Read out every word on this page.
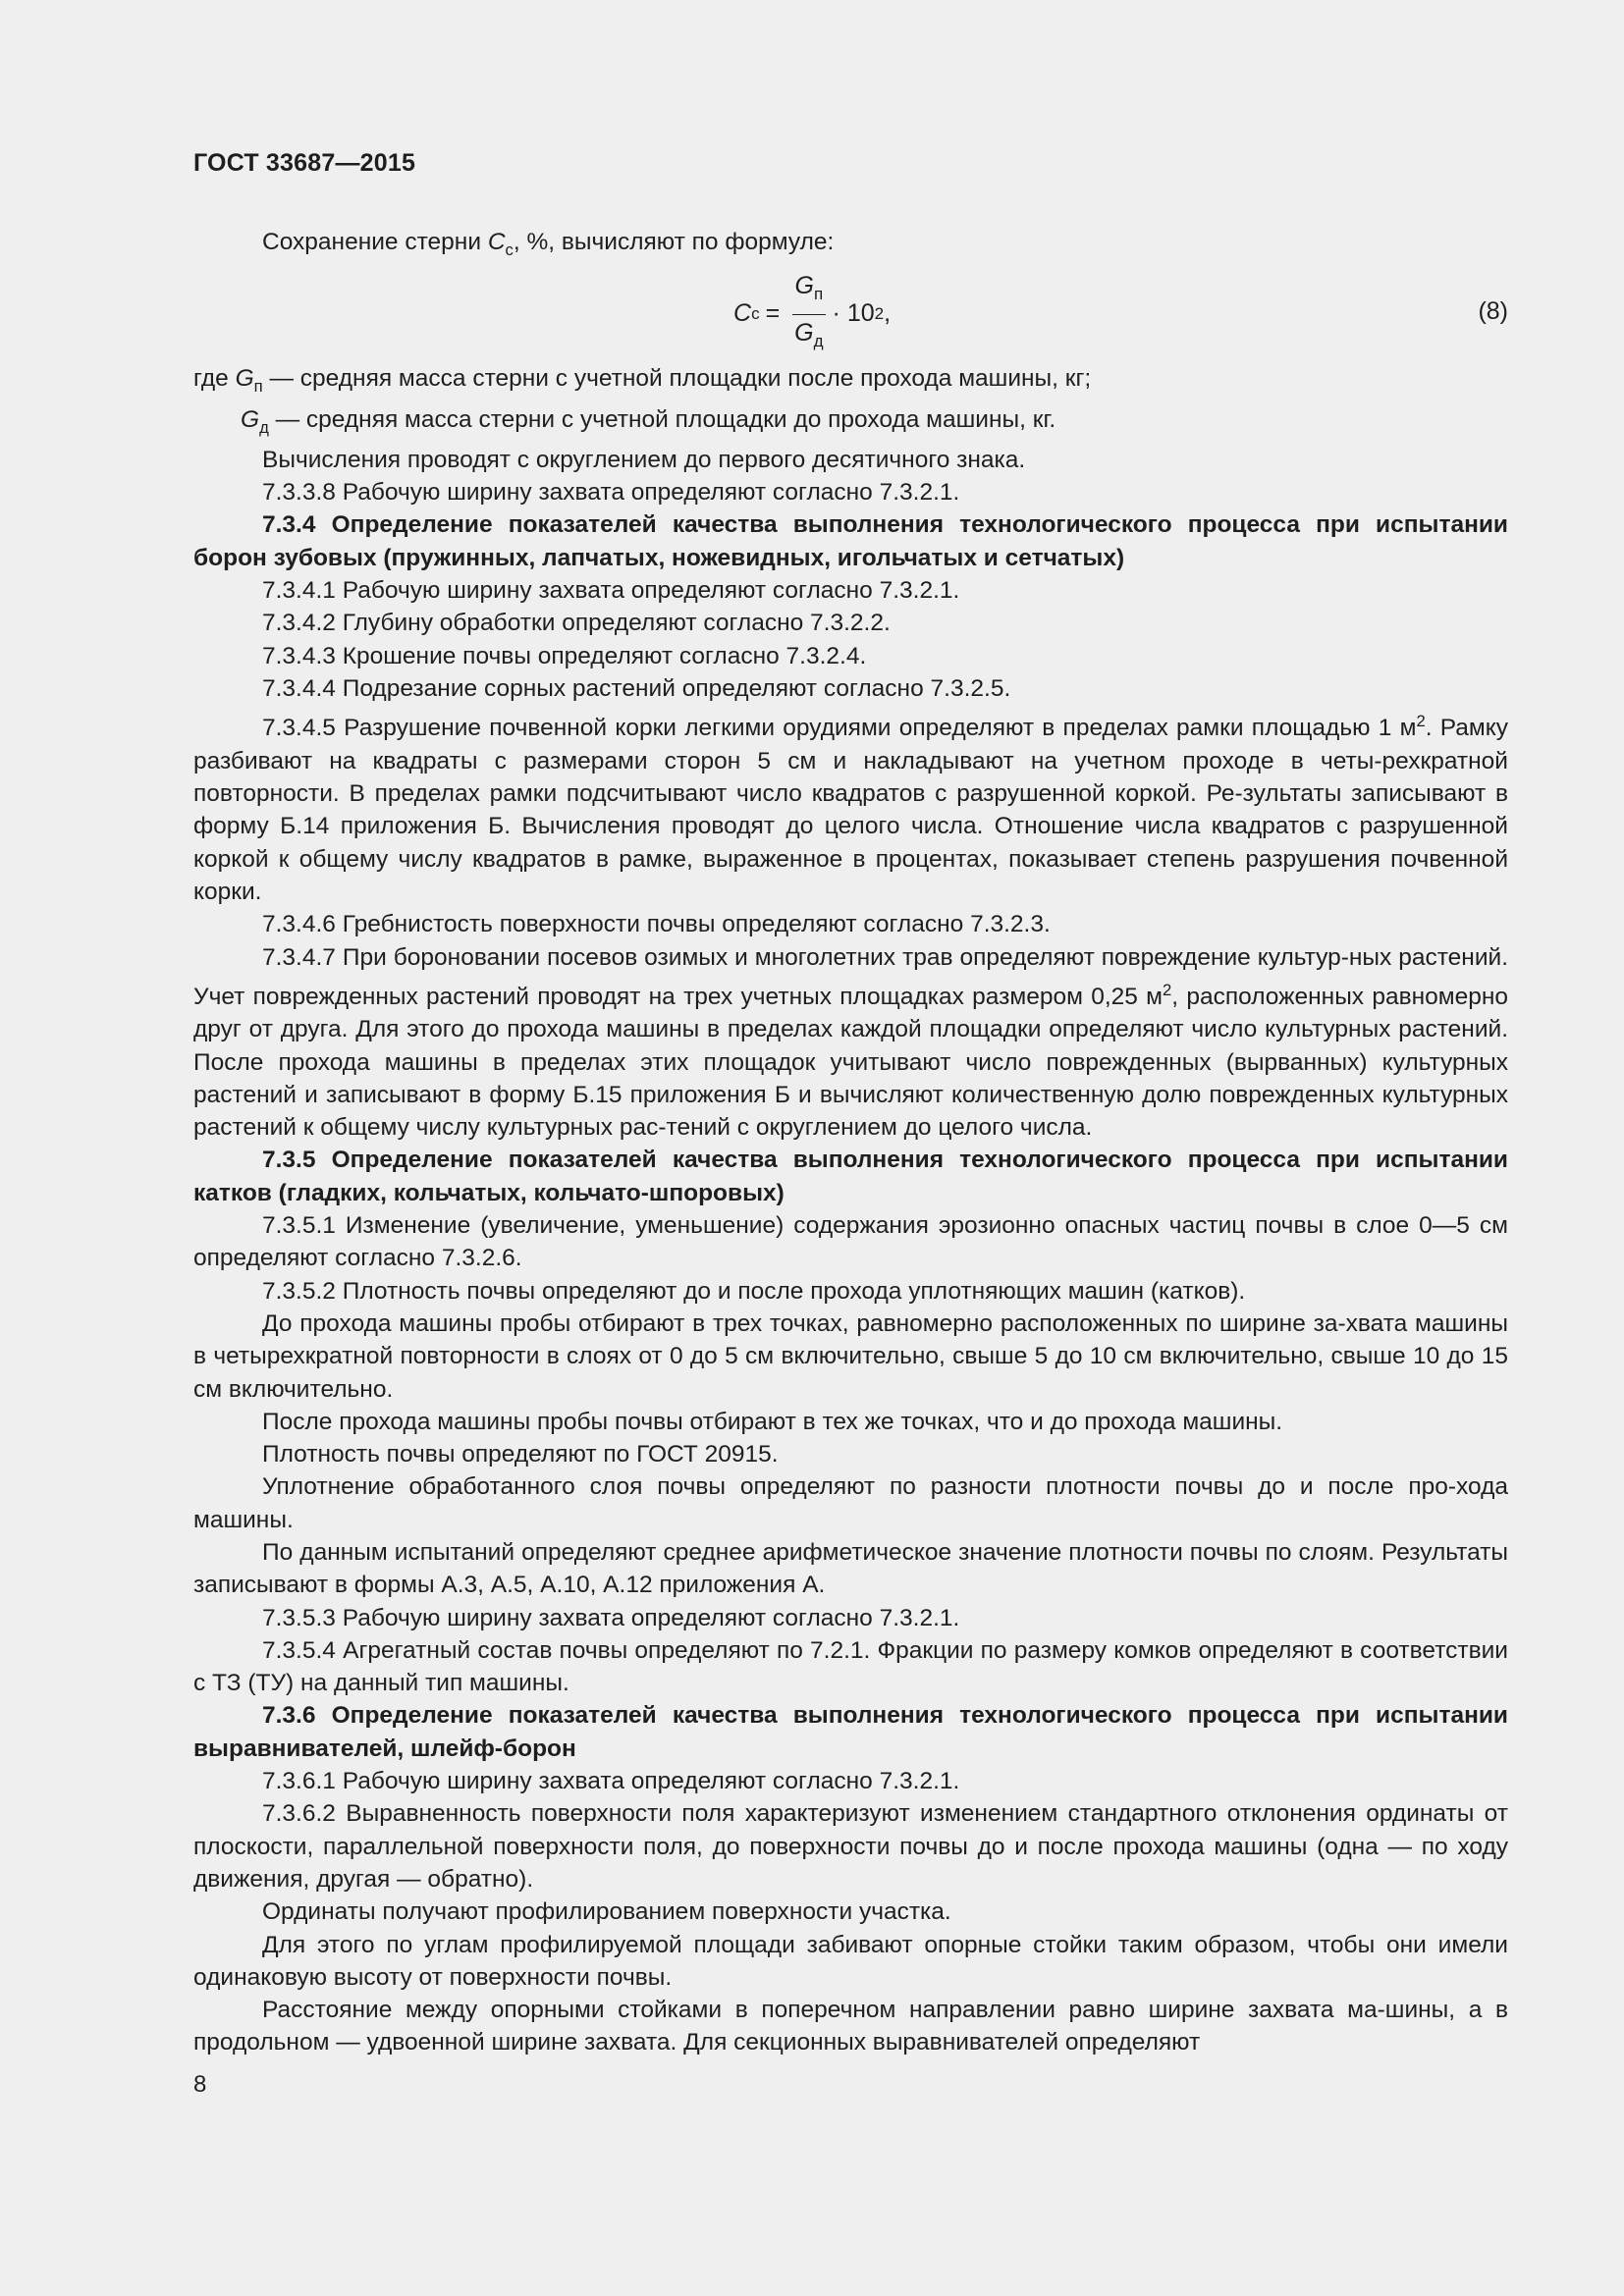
ГОСТ 33687—2015

Сохранение стерни $C_с$, %, вычисляют по формуле:

C $с = \frac{G_п}{G_д} \cdot 10$ 2 ,	(8)

где $G_п$ — средняя масса стерни с учетной площадки после прохода машины, кг;

$G_д$ — средняя масса стерни с учетной площадки до прохода машины, кг.

Вычисления проводят с округлением до первого десятичного знака.

7.3.3.8 Рабочую ширину захвата определяют согласно 7.3.2.1.

7.3.4 Определение показателей качества выполнения технологического процесса при испытании борон зубовых (пружинных, лапчатых, ножевидных, игольчатых и сетчатых)

7.3.4.1 Рабочую ширину захвата определяют согласно 7.3.2.1.

7.3.4.2 Глубину обработки определяют согласно 7.3.2.2.

7.3.4.3 Крошение почвы определяют согласно 7.3.2.4.

7.3.4.4 Подрезание сорных растений определяют согласно 7.3.2.5.

7.3.4.5 Разрушение почвенной корки легкими орудиями определяют в пределах рамки площадью 1 $м^2$. Рамку разбивают на квадраты с размерами сторон 5 см и накладывают на учетном проходе в четы-рехкратной повторности. В пределах рамки подсчитывают число квадратов с разрушенной коркой. Ре-зультаты записывают в форму Б.14 приложения Б. Вычисления проводят до целого числа. Отношение числа квадратов с разрушенной коркой к общему числу квадратов в рамке, выраженное в процентах, показывает степень разрушения почвенной корки.

7.3.4.6 Гребнистость поверхности почвы определяют согласно 7.3.2.3.

7.3.4.7 При бороновании посевов озимых и многолетних трав определяют повреждение культур-ных растений. Учет поврежденных растений проводят на трех учетных площадках размером 0,25 $м^2$, расположенных равномерно друг от друга. Для этого до прохода машины в пределах каждой площадки определяют число культурных растений. После прохода машины в пределах этих площадок учитывают число поврежденных (вырванных) культурных растений и записывают в форму Б.15 приложения Б и вычисляют количественную долю поврежденных культурных растений к общему числу культурных рас-тений с округлением до целого числа.

7.3.5 Определение показателей качества выполнения технологического процесса при испытании катков (гладких, кольчатых, кольчато-шпоровых)

7.3.5.1 Изменение (увеличение, уменьшение) содержания эрозионно опасных частиц почвы в слое 0—5 см определяют согласно 7.3.2.6.

7.3.5.2 Плотность почвы определяют до и после прохода уплотняющих машин (катков).

До прохода машины пробы отбирают в трех точках, равномерно расположенных по ширине за-хвата машины в четырехкратной повторности в слоях от 0 до 5 см включительно, свыше 5 до 10 см включительно, свыше 10 до 15 см включительно.

После прохода машины пробы почвы отбирают в тех же точках, что и до прохода машины.

Плотность почвы определяют по ГОСТ 20915.

Уплотнение обработанного слоя почвы определяют по разности плотности почвы до и после про-хода машины.

По данным испытаний определяют среднее арифметическое значение плотности почвы по слоям. Результаты записывают в формы А.3, А.5, А.10, А.12 приложения А.

7.3.5.3 Рабочую ширину захвата определяют согласно 7.3.2.1.

7.3.5.4 Агрегатный состав почвы определяют по 7.2.1. Фракции по размеру комков определяют в соответствии с ТЗ (ТУ) на данный тип машины.

7.3.6 Определение показателей качества выполнения технологического процесса при испытании выравнивателей, шлейф-борон

7.3.6.1 Рабочую ширину захвата определяют согласно 7.3.2.1.

7.3.6.2 Выравненность поверхности поля характеризуют изменением стандартного отклонения ординаты от плоскости, параллельной поверхности поля, до поверхности почвы до и после прохода машины (одна — по ходу движения, другая — обратно).

Ординаты получают профилированием поверхности участка.

Для этого по углам профилируемой площади забивают опорные стойки таким образом, чтобы они имели одинаковую высоту от поверхности почвы.

Расстояние между опорными стойками в поперечном направлении равно ширине захвата ма-шины, а в продольном — удвоенной ширине захвата. Для секционных выравнивателей определяют

8
